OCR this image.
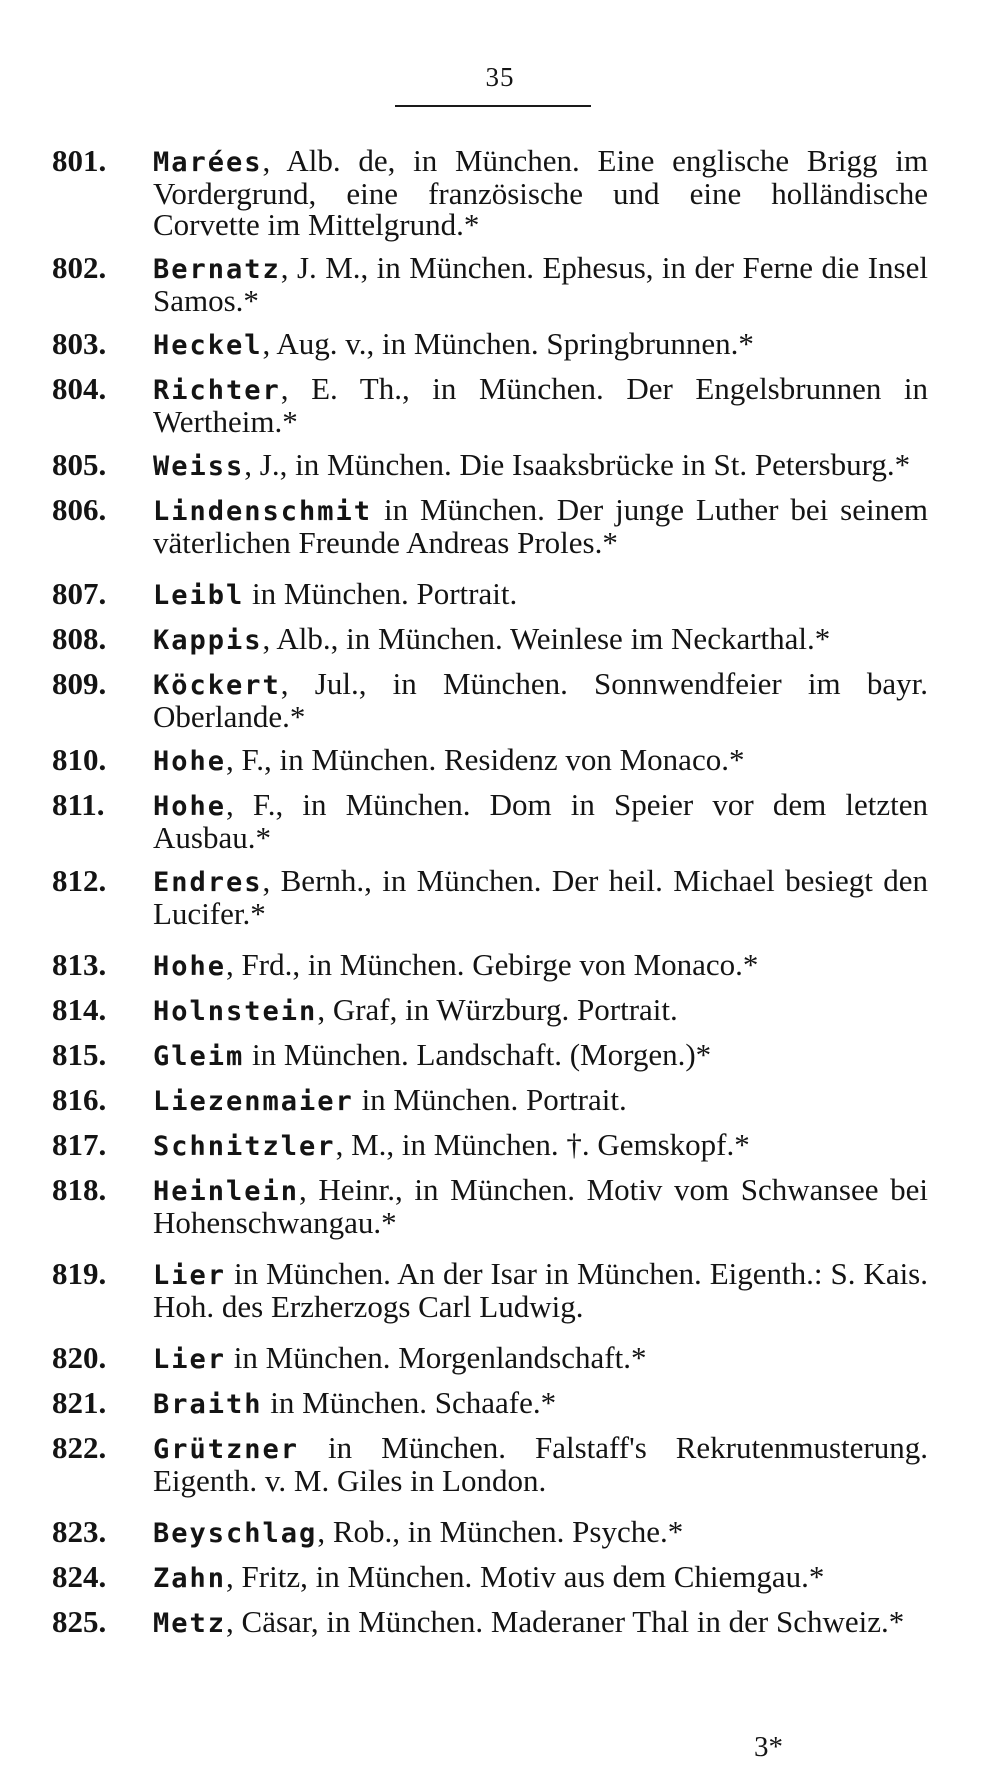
35
801. Marées, Alb. de, in München. Eine englische Brigg im Vordergrund, eine französische und eine holländische Corvette im Mittelgrund.*
802. Bernatz, J. M., in München. Ephesus, in der Ferne die Insel Samos.*
803. Heckel, Aug. v., in München. Springbrunnen.*
804. Richter, E. Th., in München. Der Engelsbrunnen in Wertheim.*
805. Weiss, J., in München. Die Isaaksbrücke in St. Petersburg.*
806. Lindenschmit in München. Der junge Luther bei seinem väterlichen Freunde Andreas Proles.*
807. Leibl in München. Portrait.
808. Kappis, Alb., in München. Weinlese im Neckarthal.*
809. Köckert, Jul., in München. Sonnwendfeier im bayr. Oberlande.*
810. Hohe, F., in München. Residenz von Monaco.*
811. Hohe, F., in München. Dom in Speier vor dem letzten Ausbau.*
812. Endres, Bernh., in München. Der heil. Michael besiegt den Lucifer.*
813. Hohe, Frd., in München. Gebirge von Monaco.*
814. Holnstein, Graf, in Würzburg. Portrait.
815. Gleim in München. Landschaft. (Morgen.)*
816. Liezenmaier in München. Portrait.
817. Schnitzler, M., in München. †. Gemskopf.*
818. Heinlein, Heinr., in München. Motiv vom Schwansee bei Hohenschwangau.*
819. Lier in München. An der Isar in München. Eigenth.: S. Kais. Hoh. des Erzherzogs Carl Ludwig.
820. Lier in München. Morgenlandschaft.*
821. Braith in München. Schaafe.*
822. Grützner in München. Falstaff's Rekrutenmusterung. Eigenth. v. M. Giles in London.
823. Beyschlag, Rob., in München. Psyche.*
824. Zahn, Fritz, in München. Motiv aus dem Chiemgau.*
825. Metz, Cäsar, in München. Maderaner Thal in der Schweiz.*
3*
